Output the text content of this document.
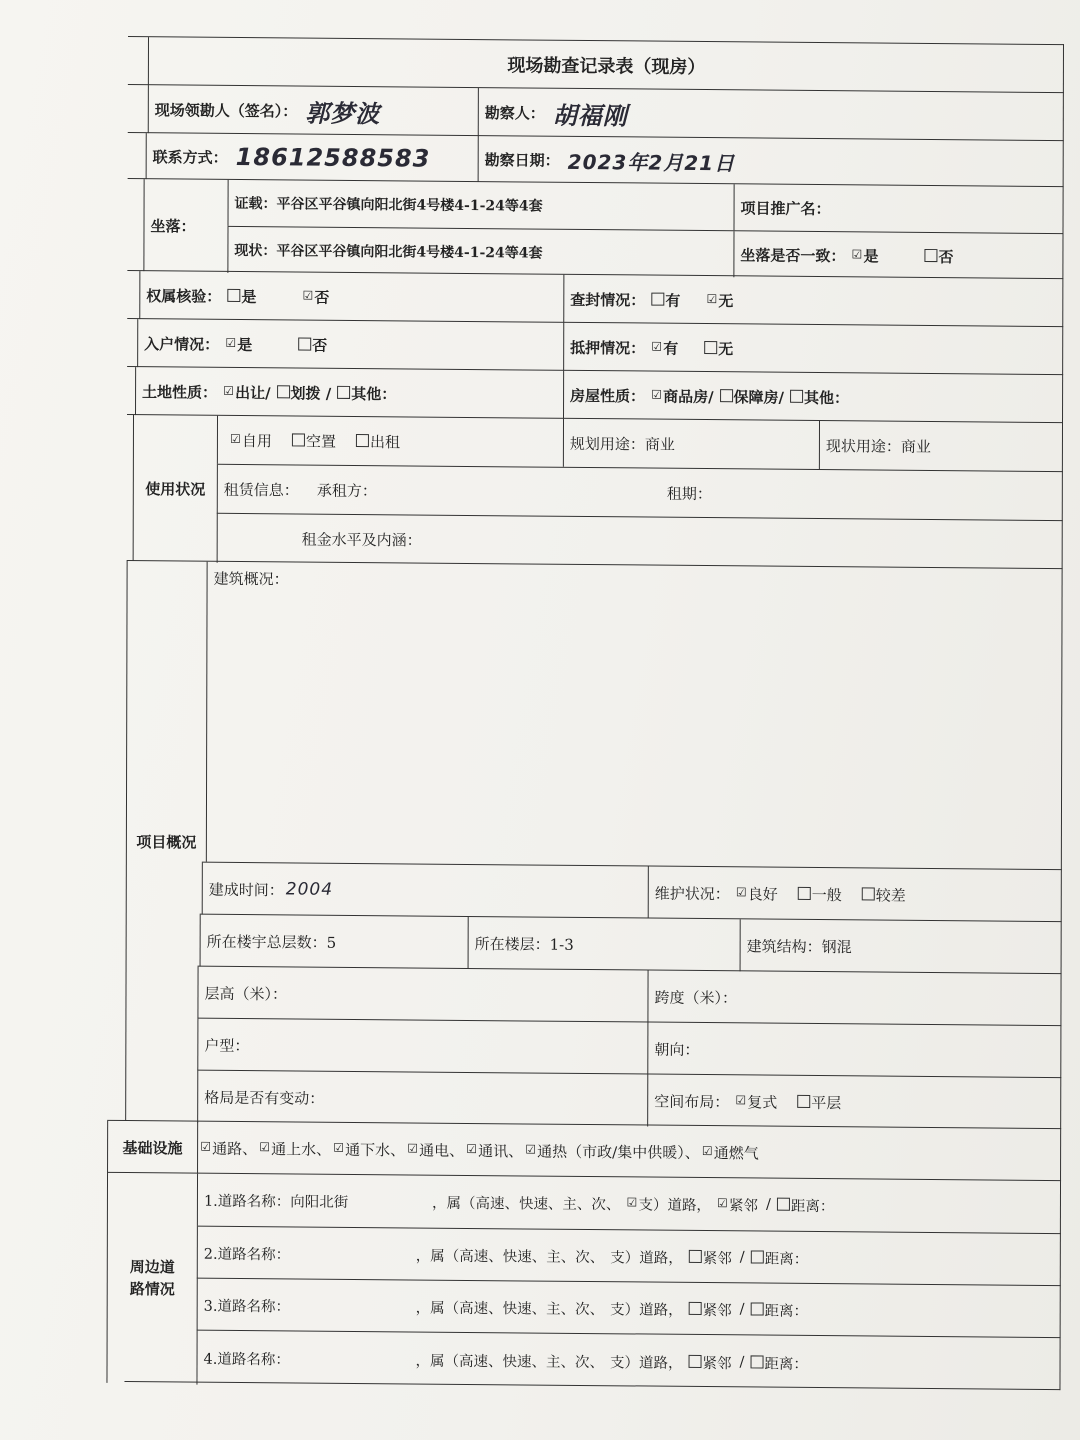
现场勘查记录表（现房）
现场领勘人（签名）： 郭梦波	勘察人： 胡福刚
联系方式： 18612588583	勘察日期： 2023年2月21日
坐落：
证载：平谷区平谷镇向阳北街4号楼4-1-24等4套	项目推广名：
现状：平谷区平谷镇向阳北街4号楼4-1-24等4套	坐落是否一致： ☑ 是	否
权属核验： 是	☑ 否	查封情况： 有 ☑ 无
入户情况： ☑ 是	否	抵押情况： ☑ 有	无
土地性质： ☑ 出让/ 划拨 / 其他：	房屋性质： ☑ 商品房/ 保障房/ 其他：
使用状况
☑ 自用 空置 出租	规划用途：商业	现状用途：商业
租赁信息： 承租方：	租期：
租金水平及内涵：
项目概况
建筑概况：
建成时间： 2004	维护状况： ☑ 良好 一般 较差
所在楼宇总层数：5	所在楼层：1-3	建筑结构：钢混
层高（米）：	跨度（米）：
户型：	朝向：
格局是否有变动：	空间布局： ☑ 复式 平层
基础设施	☑ 通路、 ☑ 通上水、 ☑ 通下水、 ☑ 通电、 ☑ 通讯、 ☑ 通热（市政/集中供暖）、 ☑ 通燃气
周边道路情况
1.道路名称：向阳北街	，属（高速、快速、主、次、 ☑ 支 ）道路， ☑ 紧邻 / 距离：
2.道路名称：	，属（高速、快速、主、次、 支 ）道路， 紧邻 / 距离：
3.道路名称：	，属（高速、快速、主、次、 支 ）道路， 紧邻 / 距离：
4.道路名称：	，属（高速、快速、主、次、 支 ）道路， 紧邻 / 距离：
